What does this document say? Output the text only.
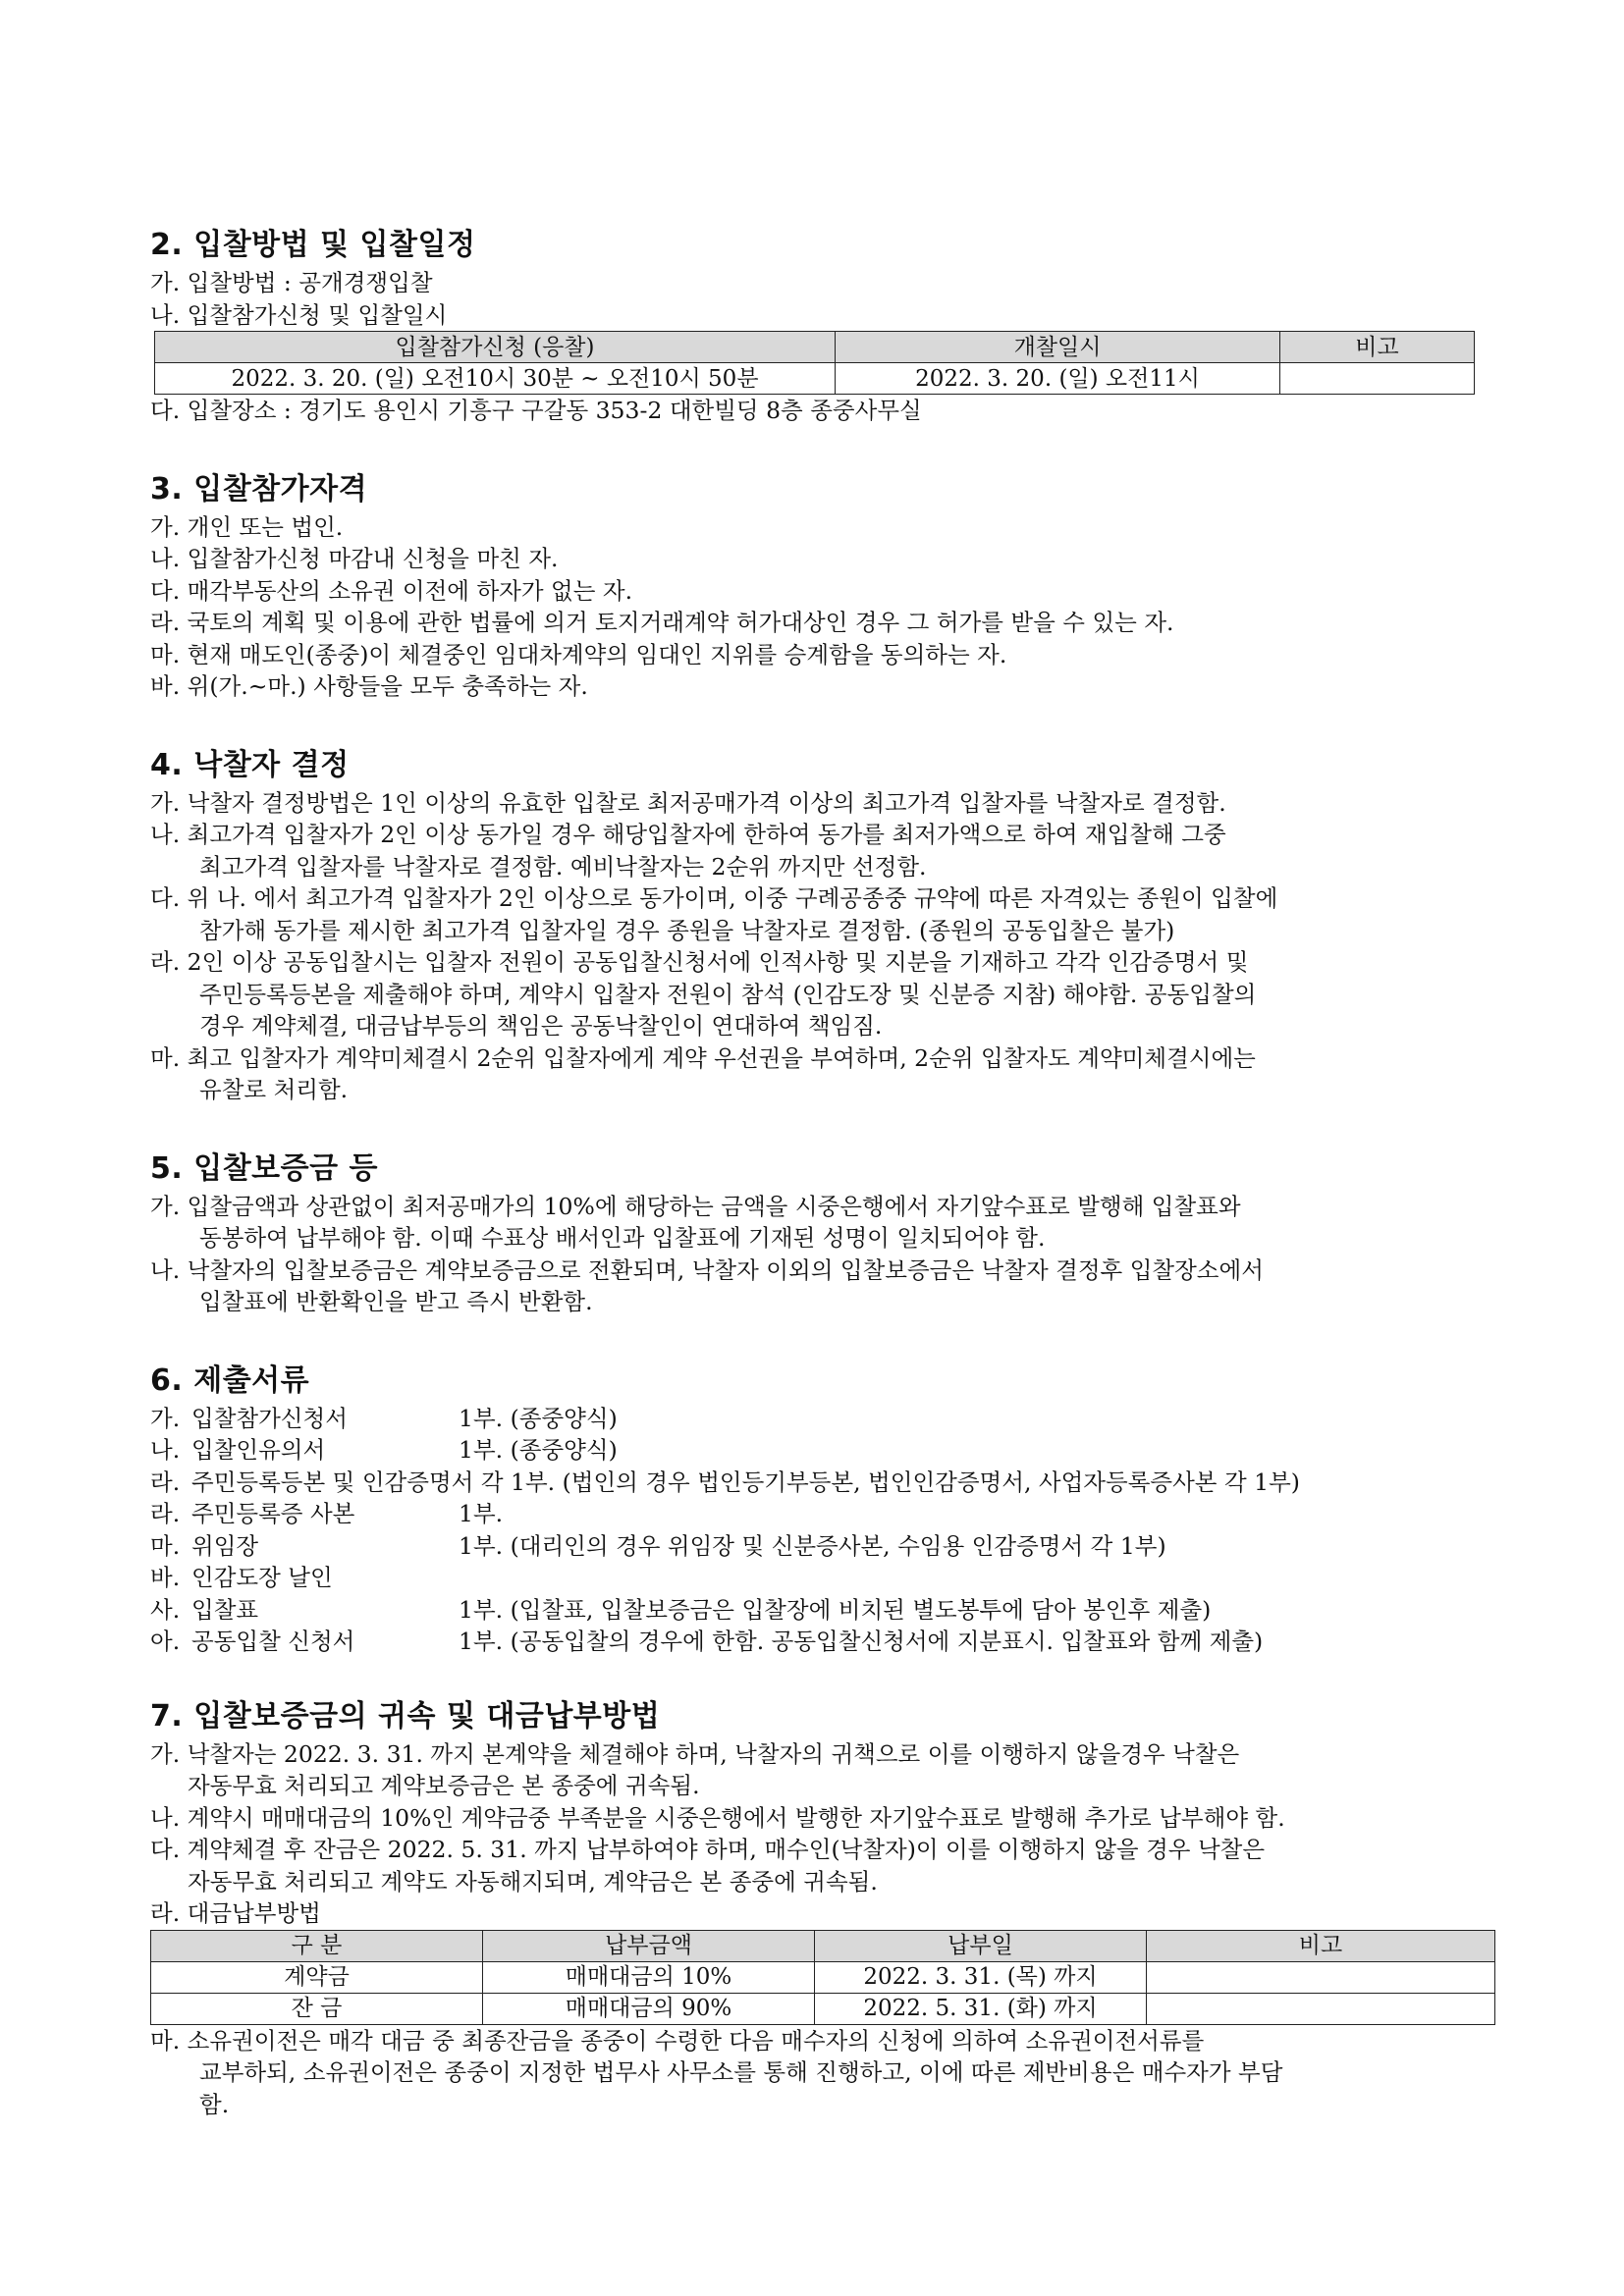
2. 입찰방법 및 입찰일정
가.
입찰방법 : 공개경쟁입찰
나.
입찰참가신청 및 입찰일시
입찰참가신청 (응찰)	개찰일시	비고
2022. 3. 20. (일) 오전10시 30분 ~ 오전10시 50분	2022. 3. 20. (일) 오전11시	
다.
입찰장소 : 경기도 용인시 기흥구 구갈동 353-2 대한빌딩 8층 종중사무실
3. 입찰참가자격
가.
개인 또는 법인.
나.
입찰참가신청 마감내 신청을 마친 자.
다.
매각부동산의 소유권 이전에 하자가 없는 자.
라.
국토의 계획 및 이용에 관한 법률에 의거 토지거래계약 허가대상인 경우 그 허가를 받을 수 있는 자.
마.
현재 매도인(종중)이 체결중인 임대차계약의 임대인 지위를 승계함을 동의하는 자.
바.
위(가.~마.) 사항들을 모두 충족하는 자.
4. 낙찰자 결정
가.
낙찰자 결정방법은 1인 이상의 유효한 입찰로 최저공매가격 이상의 최고가격 입찰자를 낙찰자로 결정함.
나.
최고가격 입찰자가 2인 이상 동가일 경우 해당입찰자에 한하여 동가를 최저가액으로 하여 재입찰해 그중
최고가격 입찰자를 낙찰자로 결정함. 예비낙찰자는 2순위 까지만 선정함.
다.
위 나. 에서 최고가격 입찰자가 2인 이상으로 동가이며, 이중 구례공종중 규약에 따른 자격있는 종원이 입찰에
참가해 동가를 제시한 최고가격 입찰자일 경우 종원을 낙찰자로 결정함. (종원의 공동입찰은 불가)
라.
2인 이상 공동입찰시는 입찰자 전원이 공동입찰신청서에 인적사항 및 지분을 기재하고 각각 인감증명서 및
주민등록등본을 제출해야 하며, 계약시 입찰자 전원이 참석 (인감도장 및 신분증 지참) 해야함. 공동입찰의
경우 계약체결, 대금납부등의 책임은 공동낙찰인이 연대하여 책임짐.
마.
최고 입찰자가 계약미체결시 2순위 입찰자에게 계약 우선권을 부여하며, 2순위 입찰자도 계약미체결시에는
유찰로 처리함.
5. 입찰보증금 등
가.
입찰금액과 상관없이 최저공매가의 10%에 해당하는 금액을 시중은행에서 자기앞수표로 발행해 입찰표와
동봉하여 납부해야 함. 이때 수표상 배서인과 입찰표에 기재된 성명이 일치되어야 함.
나.
낙찰자의 입찰보증금은 계약보증금으로 전환되며, 낙찰자 이외의 입찰보증금은 낙찰자 결정후 입찰장소에서
입찰표에 반환확인을 받고 즉시 반환함.
6. 제출서류
가. 입찰참가신청서	1부. (종중양식)
나. 입찰인유의서	1부. (종중양식)
라. 주민등록등본 및 인감증명서 각 1부. (법인의 경우 법인등기부등본, 법인인감증명서, 사업자등록증사본 각 1부)
라. 주민등록증 사본	1부.
마. 위임장	1부. (대리인의 경우 위임장 및 신분증사본, 수임용 인감증명서 각 1부)
바. 인감도장 날인
사. 입찰표	1부. (입찰표, 입찰보증금은 입찰장에 비치된 별도봉투에 담아 봉인후 제출)
아. 공동입찰 신청서	1부. (공동입찰의 경우에 한함. 공동입찰신청서에 지분표시. 입찰표와 함께 제출)
7. 입찰보증금의 귀속 및 대금납부방법
가.
낙찰자는 2022. 3. 31. 까지 본계약을 체결해야 하며, 낙찰자의 귀책으로 이를 이행하지 않을경우 낙찰은
자동무효 처리되고 계약보증금은 본 종중에 귀속됨.
나.
계약시 매매대금의 10%인 계약금중 부족분을 시중은행에서 발행한 자기앞수표로 발행해 추가로 납부해야 함.
다.
계약체결 후 잔금은 2022. 5. 31. 까지 납부하여야 하며, 매수인(낙찰자)이 이를 이행하지 않을 경우 낙찰은
자동무효 처리되고 계약도 자동해지되며, 계약금은 본 종중에 귀속됨.
라.
대금납부방법
구 분	납부금액	납부일	비고
계약금	매매대금의 10%	2022. 3. 31. (목) 까지	
잔 금	매매대금의 90%	2022. 5. 31. (화) 까지	
마.
소유권이전은 매각 대금 중 최종잔금을 종중이 수령한 다음 매수자의 신청에 의하여 소유권이전서류를
교부하되, 소유권이전은 종중이 지정한 법무사 사무소를 통해 진행하고, 이에 따른 제반비용은 매수자가 부담
함.
